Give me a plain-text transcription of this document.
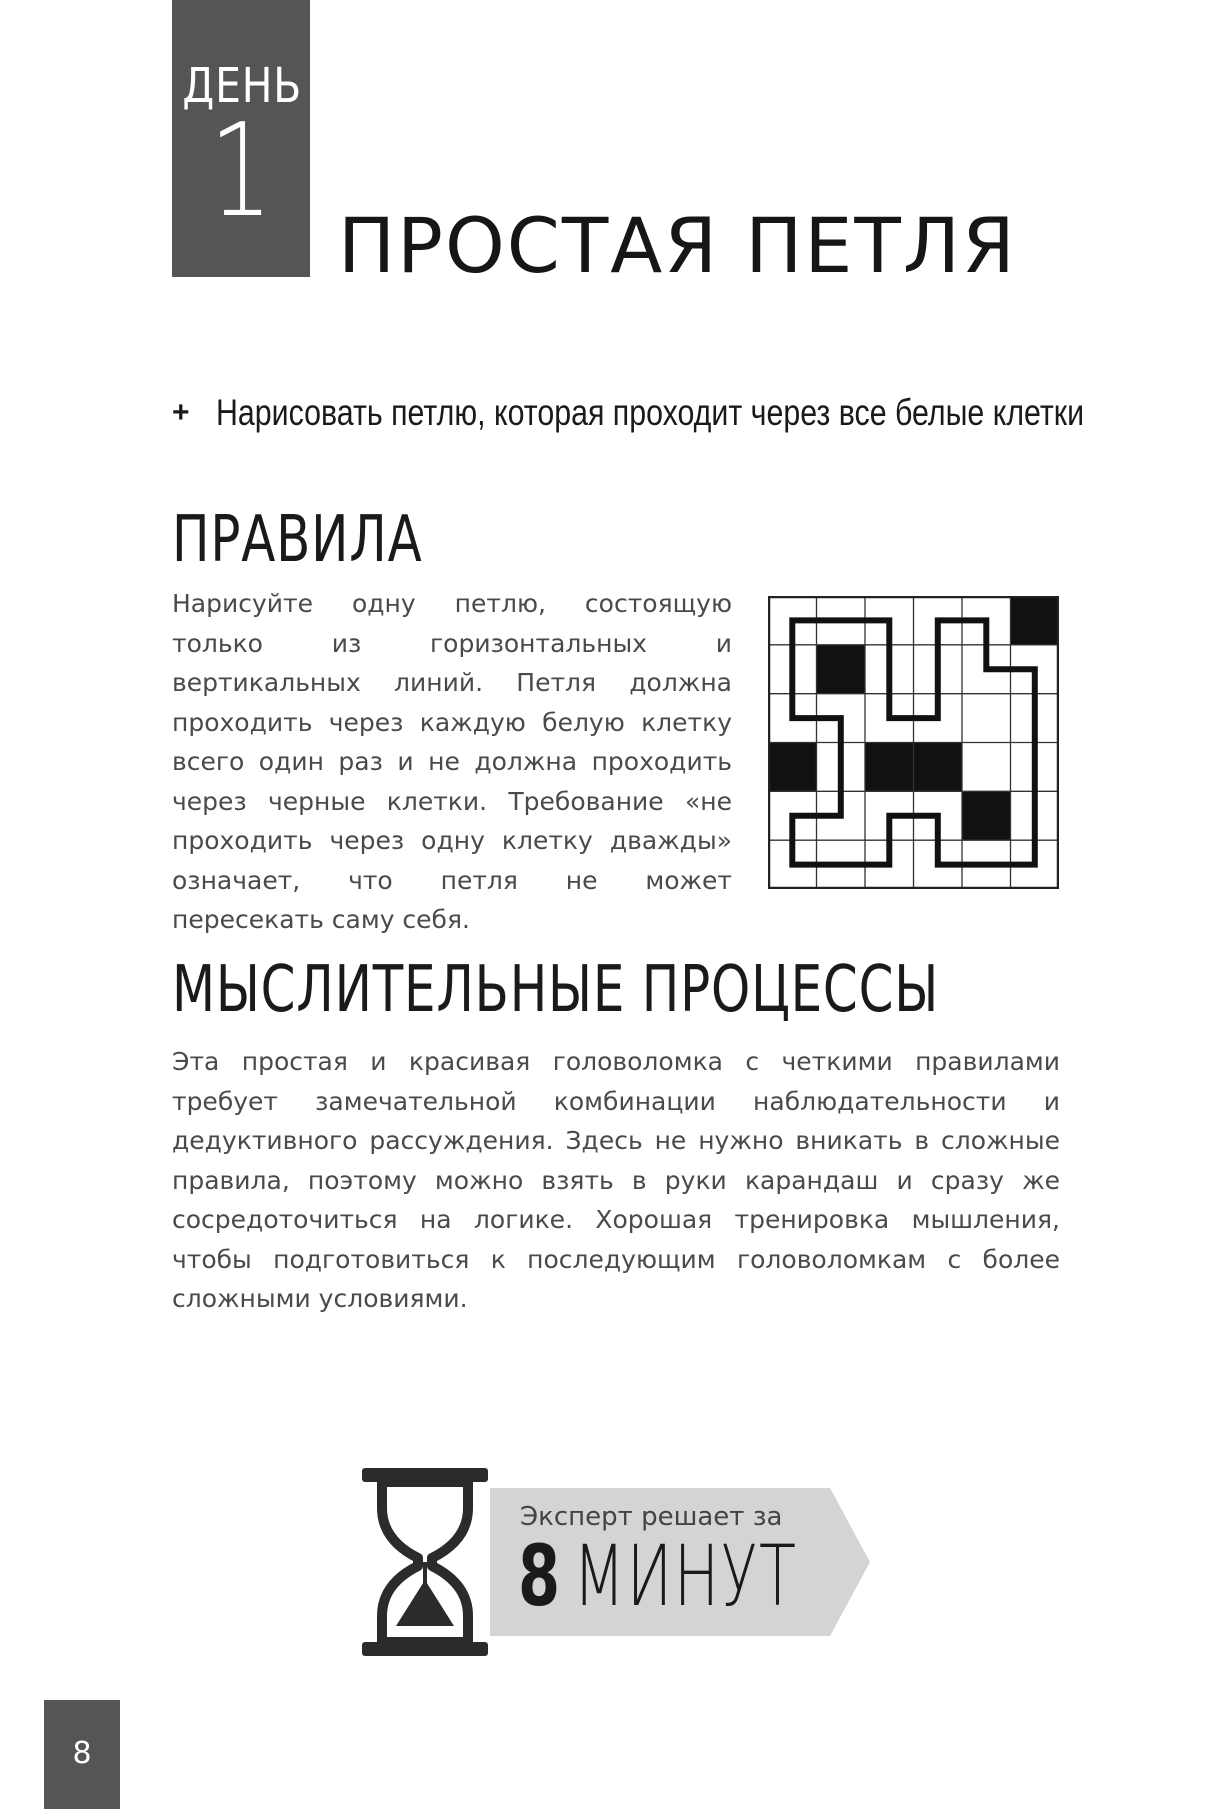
ДЕНЬ
1 ПРОСТАЯ ПЕТЛЯ
+ Нарисовать петлю, которая проходит через все белые клетки
ПРАВИЛА

Нарисуйте одну петлю, состоящую только из горизонтальных и вертикальных линий. Петля должна проходить через каждую белую клетку всего один раз и не должна проходить через черные клетки. Требование «не проходить через одну клетку дважды» означает, что петля не может пересекать саму себя.

МЫСЛИТЕЛЬНЫЕ ПРОЦЕССЫ

Эта простая и красивая головоломка с четкими правилами требует замечательной комбинации наблюдательности и дедуктивного рассуждения. Здесь не нужно вникать в сложные правила, поэтому можно взять в руки карандаш и сразу же сосредоточиться на логике. Хорошая тренировка мышления, чтобы подготовиться к последующим головоломкам с более сложными условиями.

Эксперт решает за
8 МИНУТ
8
